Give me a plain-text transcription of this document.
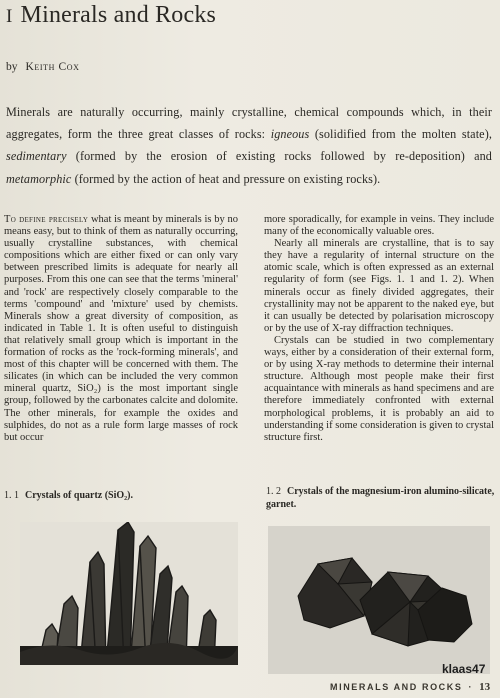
I Minerals and Rocks
by Keith Cox

Minerals are naturally occurring, mainly crystalline, chemical compounds which, in their aggregates, form the three great classes of rocks: igneous (solidified from the molten state), sedimentary (formed by the erosion of existing rocks followed by re-deposition) and metamorphic (formed by the action of heat and pressure on existing rocks).

To define precisely what is meant by minerals is by no means easy, but to think of them as naturally occurring, usually crystalline substances, with chemical compositions which are either fixed or can only vary between prescribed limits is adequate for nearly all purposes. From this one can see that the terms 'mineral' and 'rock' are respectively closely comparable to the terms 'compound' and 'mixture' used by chemists. Minerals show a great diversity of composition, as indicated in Table 1. It is often useful to distinguish that relatively small group which is important in the formation of rocks as the 'rock-forming minerals', and most of this chapter will be concerned with them. The silicates (in which can be included the very common mineral quartz, SiO₂) is the most important single group, followed by the carbonates calcite and dolomite. The other minerals, for example the oxides and sulphides, do not as a rule form large masses of rock but occur

more sporadically, for example in veins. They include many of the economically valuable ores.

Nearly all minerals are crystalline, that is to say they have a regularity of internal structure on the atomic scale, which is often expressed as an external regularity of form (see Figs. 1. 1 and 1. 2). When minerals occur as finely divided aggregates, their crystallinity may not be apparent to the naked eye, but it can usually be detected by polarisation microscopy or by the use of X-ray diffraction techniques.

Crystals can be studied in two complementary ways, either by a consideration of their external form, or by using X-ray methods to determine their internal structure. Although most people make their first acquaintance with minerals as hand specimens and are therefore immediately confronted with external morphological problems, it is probably an aid to understanding if some consideration is given to crystal structure first.

1. 1 Crystals of quartz (SiO₂).	1. 2 Crystals of the magnesium-iron alumino-silicate, garnet.
MINERALS AND ROCKS · 13
klaas47
